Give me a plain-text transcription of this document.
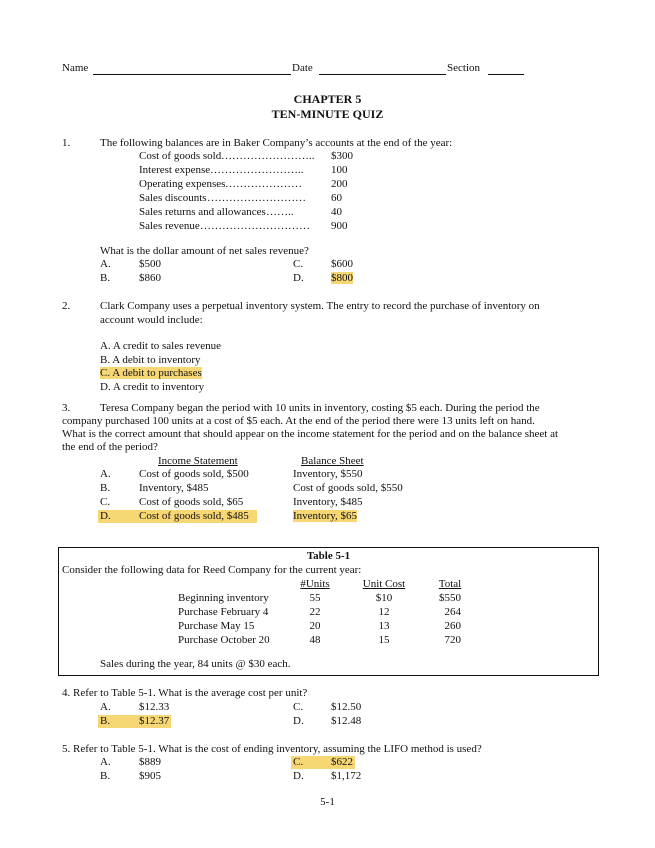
Name	Date	Section
CHAPTER 5
TEN-MINUTE QUIZ
1.	The following balances are in Baker Company’s accounts at the end of the year:
Cost of goods sold ……………………..	$300
Interest expense ……………………..	100
Operating expenses …………………	200
Sales discounts ………………………	60
Sales returns and allowances ……..	40
Sales revenue …………………………	900
What is the dollar amount of net sales revenue?
A.	$500
B.	$860
C.	$600
D. $800
2.	Clark Company uses a perpetual inventory system. The entry to record the purchase of inventory on
account would include:
A. A credit to sales revenue
B. A debit to inventory
C. A debit to purchases
D. A credit to inventory
3.	Teresa Company began the period with 10 units in inventory, costing $5 each. During the period the
company purchased 100 units at a cost of $5 each. At the end of the period there were 13 units left on hand.
What is the correct amount that should appear on the income statement for the period and on the balance sheet at
the end of the period?
Income Statement	Balance Sheet
A.	Cost of goods sold, $500	Inventory, $550
B.	Inventory, $485	Cost of goods sold, $550
C.	Cost of goods sold, $65	Inventory, $485
D.	Cost of goods sold, $485	Inventory, $65
Table 5-1
Consider the following data for Reed Company for the current year:
#Units	Unit Cost	Total
Beginning inventory	55	$10	$550
Purchase February 4	22	12	264
Purchase May 15	20	13	260
Purchase October 20	48	15	720
Sales during the year, 84 units @ $30 each.
4. Refer to Table 5-1. What is the average cost per unit?
A.	$12.33
B.	$12.37
C.	$12.50
D. $12.48
5. Refer to Table 5-1. What is the cost of ending inventory, assuming the LIFO method is used?
A.	$889
B.	$905
C.	$622
D. $1,172
5-1
